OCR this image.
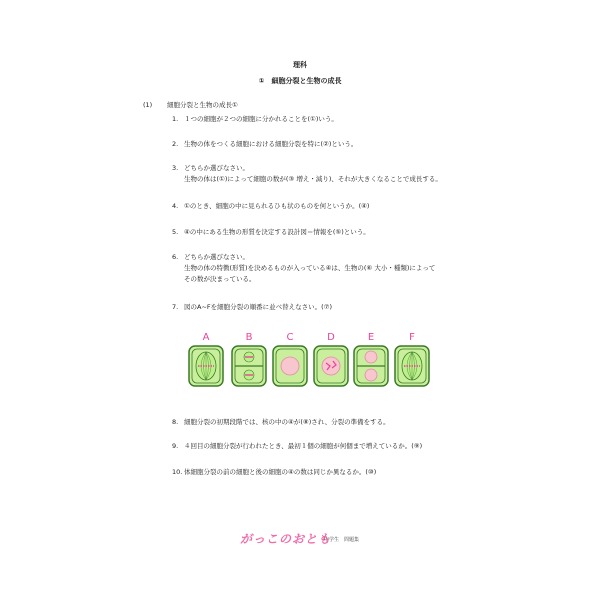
理科
①　細胞分裂と生物の成長
(1) 細胞分裂と生物の成長①
1. １つの細胞が２つの細胞に分かれることを(①)いう。
2. 生物の体をつくる細胞における細胞分裂を特に(②)という。
3. どちらか選びなさい。
生物の体は(①)によって細胞の数が(③ 増え・減り)、それが大きくなることで成長する。
4. ①のとき、細胞の中に見られるひも状のものを何というか。(④)
5. ④の中にある生物の形質を決定する設計図＝情報を(⑤)という。
6. どちらか選びなさい。
生物の体の特徴(形質)を決めるものが入っている④は、生物の(⑥ 大小・種類)によって
その数が決まっている。
7. 図のA~Fを細胞分裂の順番に並べ替えなさい。(⑦)
8. 細胞分裂の初期段階では、核の中の④が(⑧)され、分裂の準備をする。
9. ４回目の細胞分裂が行われたとき、最初１個の細胞が何個まで増えているか。(⑨)
10. 体細胞分裂の前の細胞と後の細胞の④の数は同じか異なるか。(⑩)
A	B	C	D	E	F
がっこのおとも
中学生　問題集
